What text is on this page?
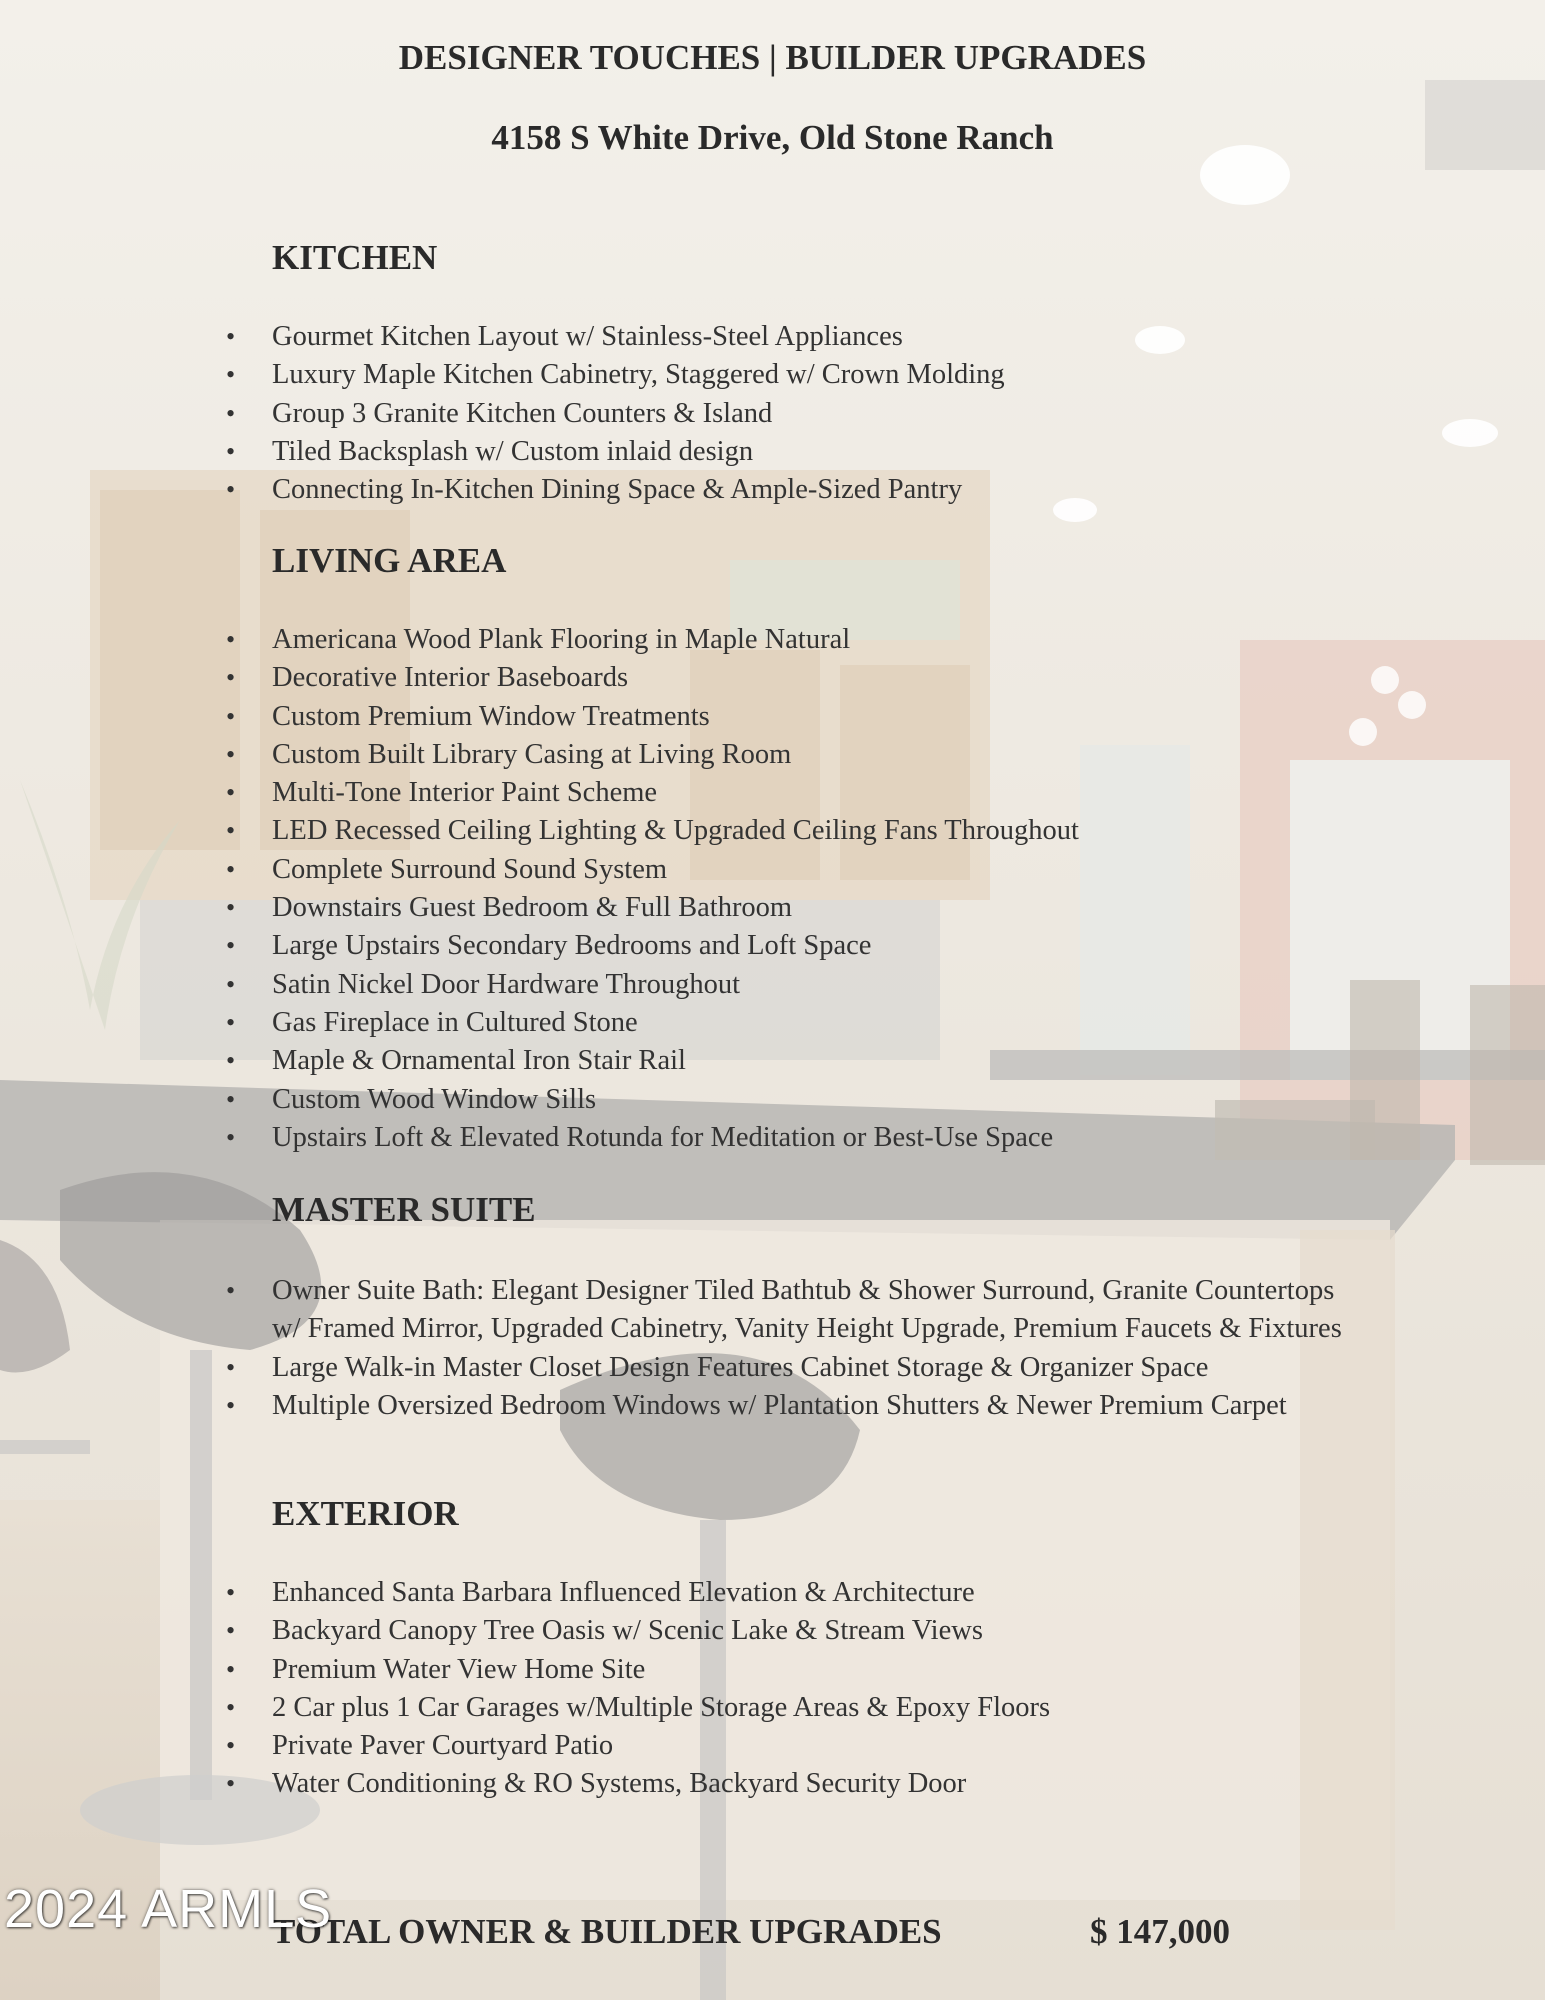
DESIGNER TOUCHES | BUILDER UPGRADES
4158 S White Drive, Old Stone Ranch
KITCHEN
• Gourmet Kitchen Layout w/ Stainless-Steel Appliances
• Luxury Maple Kitchen Cabinetry, Staggered w/ Crown Molding
• Group 3 Granite Kitchen Counters & Island
• Tiled Backsplash w/ Custom inlaid design
• Connecting In-Kitchen Dining Space & Ample-Sized Pantry
LIVING AREA
• Americana Wood Plank Flooring in Maple Natural
• Decorative Interior Baseboards
• Custom Premium Window Treatments
• Custom Built Library Casing at Living Room
• Multi-Tone Interior Paint Scheme
• LED Recessed Ceiling Lighting & Upgraded Ceiling Fans Throughout
• Complete Surround Sound System
• Downstairs Guest Bedroom & Full Bathroom
• Large Upstairs Secondary Bedrooms and Loft Space
• Satin Nickel Door Hardware Throughout
• Gas Fireplace in Cultured Stone
• Maple & Ornamental Iron Stair Rail
• Custom Wood Window Sills
• Upstairs Loft & Elevated Rotunda for Meditation or Best-Use Space
MASTER SUITE
• Owner Suite Bath: Elegant Designer Tiled Bathtub & Shower Surround, Granite Countertops w/ Framed Mirror, Upgraded Cabinetry, Vanity Height Upgrade, Premium Faucets & Fixtures
• Large Walk-in Master Closet Design Features Cabinet Storage & Organizer Space
• Multiple Oversized Bedroom Windows w/ Plantation Shutters & Newer Premium Carpet
EXTERIOR
• Enhanced Santa Barbara Influenced Elevation & Architecture
• Backyard Canopy Tree Oasis w/ Scenic Lake & Stream Views
• Premium Water View Home Site
• 2 Car plus 1 Car Garages w/Multiple Storage Areas & Epoxy Floors
• Private Paver Courtyard Patio
• Water Conditioning & RO Systems, Backyard Security Door
TOTAL OWNER & BUILDER UPGRADES	$ 147,000
2024 ARMLS
